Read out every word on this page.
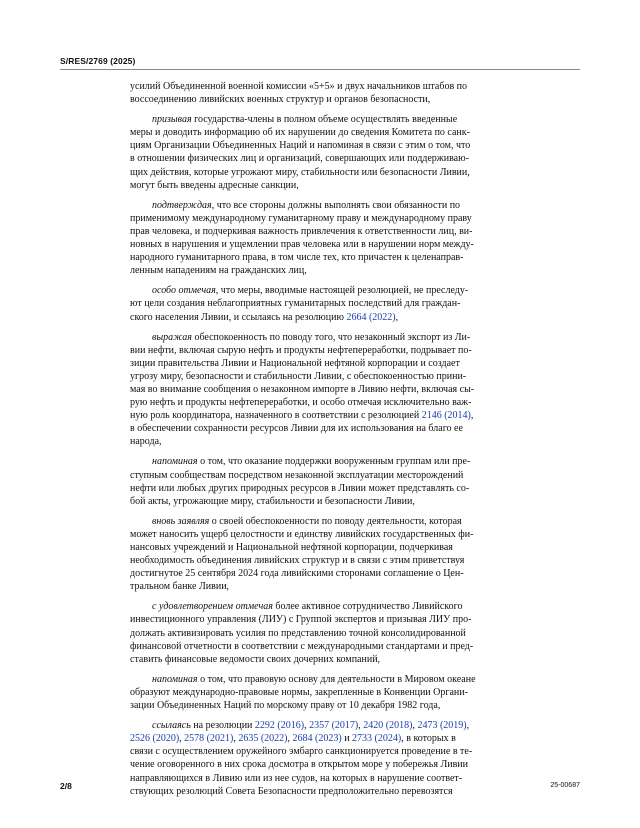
S/RES/2769 (2025)
усилий Объединенной военной комиссии «5+5» и двух начальников штабов по
воссоединению ливийских военных структур и органов безопасности,
призывая государства-члены в полном объеме осуществлять введенные
меры и доводить информацию об их нарушении до сведения Комитета по санк-
циям Организации Объединенных Наций и напоминая в связи с этим о том, что
в отношении физических лиц и организаций, совершающих или поддерживаю-
щих действия, которые угрожают миру, стабильности или безопасности Ливии,
могут быть введены адресные санкции,
подтверждая, что все стороны должны выполнять свои обязанности по
применимому международному гуманитарному праву и международному праву
прав человека, и подчеркивая важность привлечения к ответственности лиц, ви-
новных в нарушения и ущемлении прав человека или в нарушении норм между-
народного гуманитарного права, в том числе тех, кто причастен к целенаправ-
ленным нападениям на гражданских лиц,
особо отмечая, что меры, вводимые настоящей резолюцией, не преследу-
ют цели создания неблагоприятных гуманитарных последствий для граждан-
ского населения Ливии, и ссылаясь на резолюцию 2664 (2022),
выражая обеспокоенность по поводу того, что незаконный экспорт из Ли-
вии нефти, включая сырую нефть и продукты нефтепереработки, подрывает по-
зиции правительства Ливии и Национальной нефтяной корпорации и создает
угрозу миру, безопасности и стабильности Ливии, с обеспокоенностью прини-
мая во внимание сообщения о незаконном импорте в Ливию нефти, включая сы-
рую нефть и продукты нефтепереработки, и особо отмечая исключительно важ-
ную роль координатора, назначенного в соответствии с резолюцией 2146 (2014),
в обеспечении сохранности ресурсов Ливии для их использования на благо ее
народа,
напоминая о том, что оказание поддержки вооруженным группам или пре-
ступным сообществам посредством незаконной эксплуатации месторождений
нефти или любых других природных ресурсов в Ливии может представлять со-
бой акты, угрожающие миру, стабильности и безопасности Ливии,
вновь заявляя о своей обеспокоенности по поводу деятельности, которая
может наносить ущерб целостности и единству ливийских государственных фи-
нансовых учреждений и Национальной нефтяной корпорации, подчеркивая
необходимость объединения ливийских структур и в связи с этим приветствуя
достигнутое 25 сентября 2024 года ливийскими сторонами соглашение о Цен-
тральном банке Ливии,
с удовлетворением отмечая более активное сотрудничество Ливийского
инвестиционного управления (ЛИУ) с Группой экспертов и призывая ЛИУ про-
должать активизировать усилия по представлению точной консолидированной
финансовой отчетности в соответствии с международными стандартами и пред-
ставить финансовые ведомости своих дочерних компаний,
напоминая о том, что правовую основу для деятельности в Мировом океане
образуют международно-правовые нормы, закрепленные в Конвенции Органи-
зации Объединенных Наций по морскому праву от 10 декабря 1982 года,
ссылаясь на резолюции 2292 (2016), 2357 (2017), 2420 (2018), 2473 (2019),
2526 (2020), 2578 (2021), 2635 (2022), 2684 (2023) и 2733 (2024), в которых в
связи с осуществлением оружейного эмбарго санкционируется проведение в те-
чение оговоренного в них срока досмотра в открытом море у побережья Ливии
направляющихся в Ливию или из нее судов, на которых в нарушение соответ-
ствующих резолюций Совета Безопасности предположительно перевозятся
2/8	25-00687
